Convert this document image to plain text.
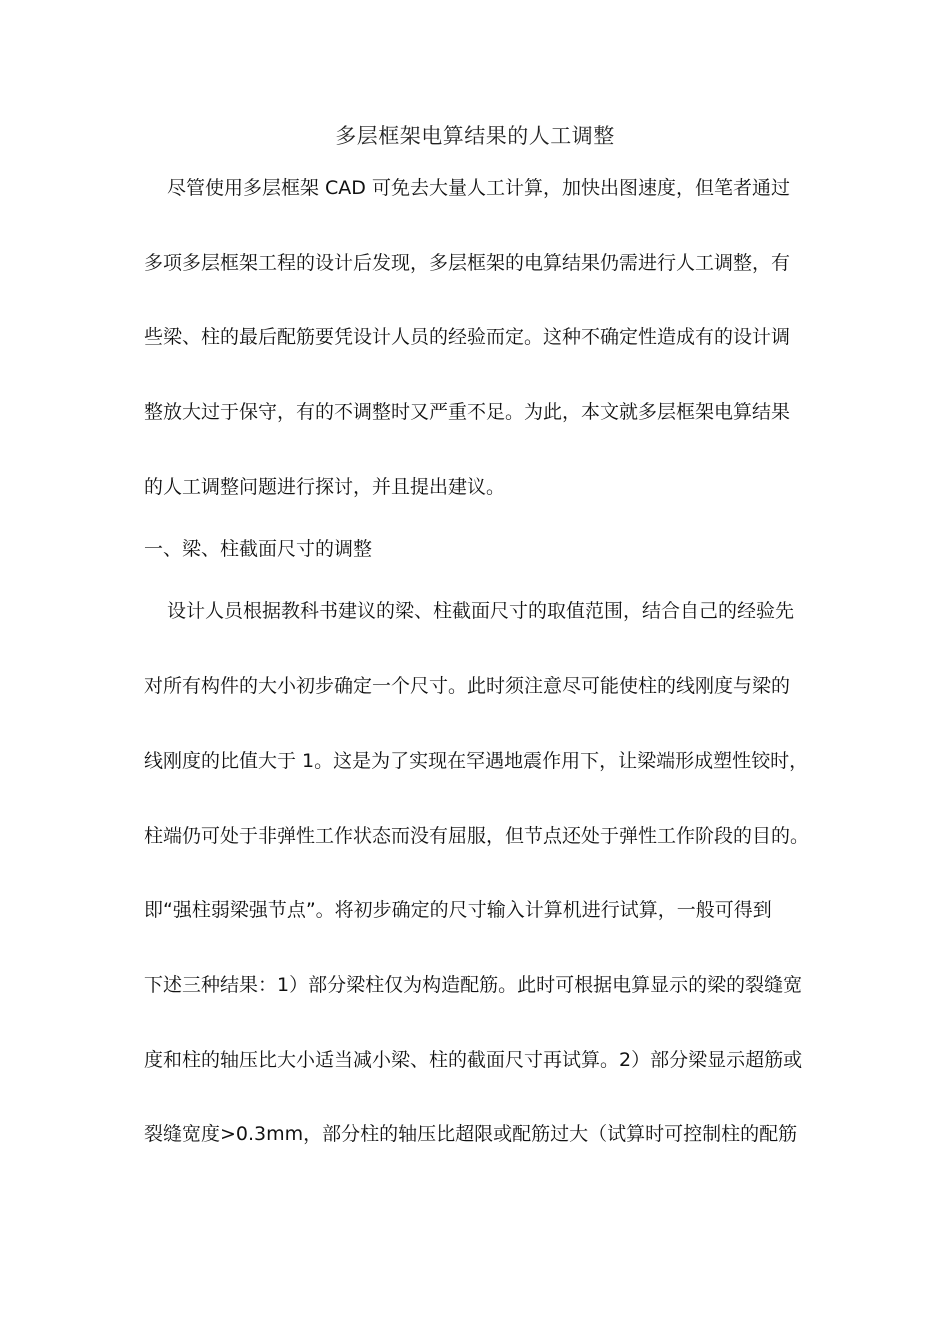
多层框架电算结果的人工调整
尽管使用多层框架 CAD 可免去大量人工计算，加快出图速度，但笔者通过
多项多层框架工程的设计后发现，多层框架的电算结果仍需进行人工调整，有
些梁、柱的最后配筋要凭设计人员的经验而定。这种不确定性造成有的设计调
整放大过于保守，有的不调整时又严重不足。为此，本文就多层框架电算结果
的人工调整问题进行探讨，并且提出建议。
一、梁、柱截面尺寸的调整
设计人员根据教科书建议的梁、柱截面尺寸的取值范围，结合自己的经验先
对所有构件的大小初步确定一个尺寸。此时须注意尽可能使柱的线刚度与梁的
线刚度的比值大于 1。这是为了实现在罕遇地震作用下，让梁端形成塑性铰时，
柱端仍可处于非弹性工作状态而没有屈服，但节点还处于弹性工作阶段的目的。
即“强柱弱梁强节点”。将初步确定的尺寸输入计算机进行试算，一般可得到
下述三种结果：1）部分梁柱仅为构造配筋。此时可根据电算显示的梁的裂缝宽
度和柱的轴压比大小适当减小梁、柱的截面尺寸再试算。2）部分梁显示超筋或
裂缝宽度>0.3mm，部分柱的轴压比超限或配筋过大（试算时可控制柱的配筋
